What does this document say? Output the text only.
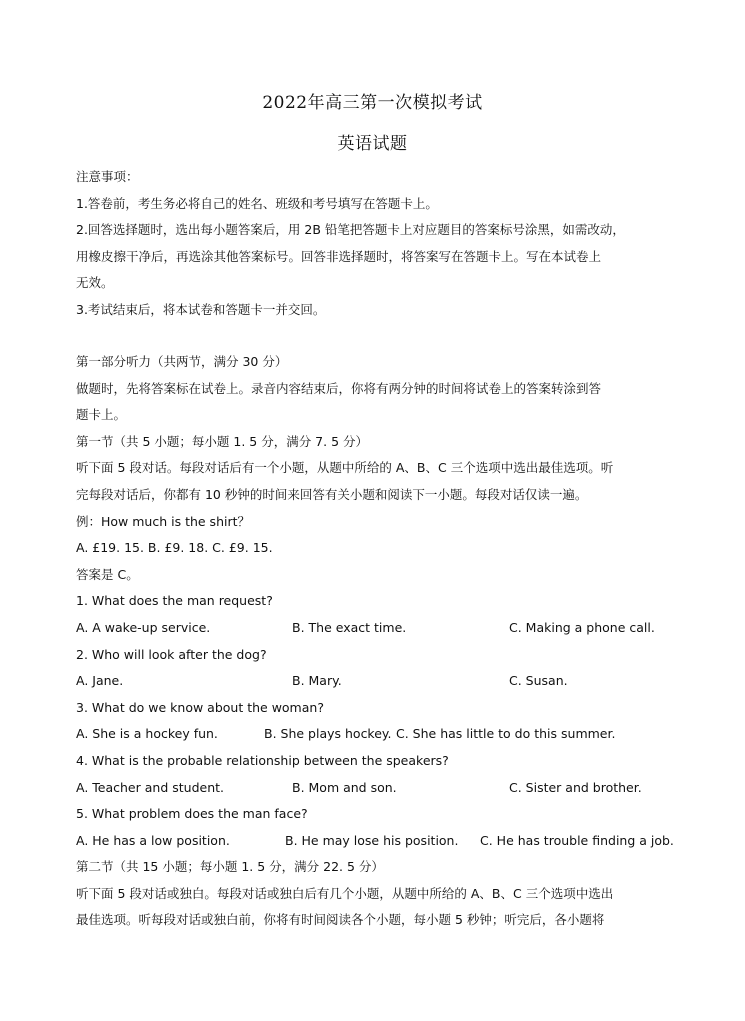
2022年高三第一次模拟考试
英语试题
注意事项：
1.答卷前，考生务必将自己的姓名、班级和考号填写在答题卡上。
2.回答选择题时，选出每小题答案后，用 2B 铅笔把答题卡上对应题目的答案标号涂黑，如需改动，
用橡皮擦干净后，再选涂其他答案标号。回答非选择题时，将答案写在答题卡上。写在本试卷上
无效。
3.考试结束后，将本试卷和答题卡一并交回。
第一部分听力（共两节，满分 30 分）
做题时，先将答案标在试卷上。录音内容结束后，你将有两分钟的时间将试卷上的答案转涂到答
题卡上。
第一节（共 5 小题；每小题 1. 5 分，满分 7. 5 分）
听下面 5 段对话。每段对话后有一个小题，从题中所给的 A、B、C 三个选项中选出最佳选项。听
完每段对话后，你都有 10 秒钟的时间来回答有关小题和阅读下一小题。每段对话仅读一遍。
例：How much is the shirt？
A. £19. 15. B. £9. 18. C. £9. 15.
答案是 C。
1. What does the man request?
A. A wake-up service.	B. The exact time.	C. Making a phone call.
2. Who will look after the dog?
A. Jane.	B. Mary.	C. Susan.
3. What do we know about the woman?
A. She is a hockey fun.	B. She plays hockey. C. She has little to do this summer.
4. What is the probable relationship between the speakers?
A. Teacher and student.	B. Mom and son.	C. Sister and brother.
5. What problem does the man face?
A. He has a low position.	B. He may lose his position. C. He has trouble finding a job.
第二节（共 15 小题；每小题 1. 5 分，满分 22. 5 分）
听下面 5 段对话或独白。每段对话或独白后有几个小题，从题中所给的 A、B、C 三个选项中选出
最佳选项。听每段对话或独白前，你将有时间阅读各个小题，每小题 5 秒钟；听完后，各小题将
